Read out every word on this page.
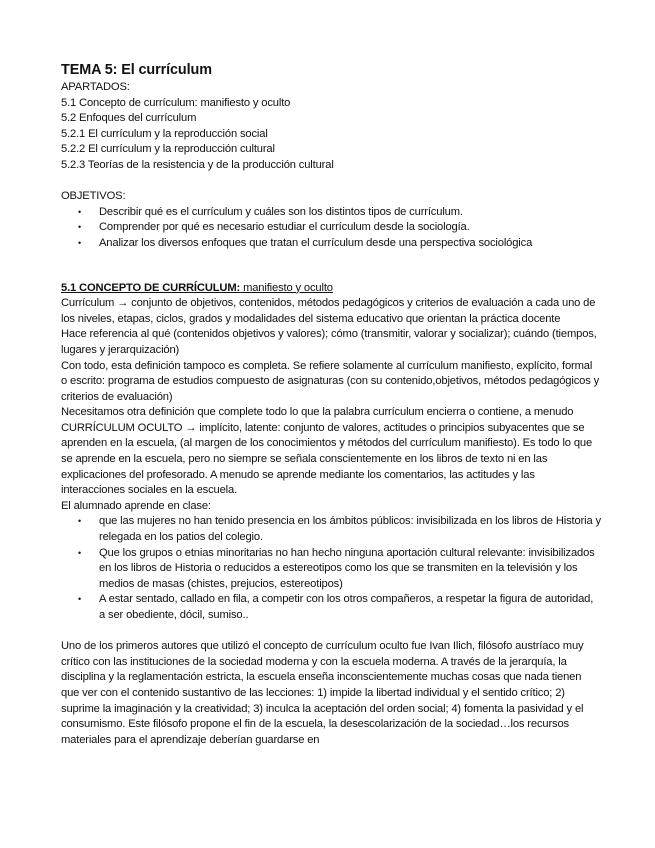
TEMA 5: El currículum

APARTADOS:

5.1 Concepto de currículum: manifiesto y oculto

5.2 Enfoques del currículum

5.2.1 El currículum y la reproducción social

5.2.2 El currículum y la reproducción cultural

5.2.3 Teorías de la resistencia y de la producción cultural

OBJETIVOS:

• Describir qué es el currículum y cuáles son los distintos tipos de currículum.
• Comprender por qué es necesario estudiar el currículum desde la sociología.
• Analizar los diversos enfoques que tratan el currículum desde una perspectiva sociológica

5.1 CONCEPTO DE CURRÍCULUM: manifiesto y oculto

Currículum → conjunto de objetivos, contenidos, métodos pedagógicos y criterios de evaluación a cada uno de los niveles, etapas, ciclos, grados y modalidades del sistema educativo que orientan la práctica docente

Hace referencia al qué (contenidos objetivos y valores); cómo (transmitir, valorar y socializar); cuándo (tiempos, lugares y jerarquización)

Con todo, esta definición tampoco es completa. Se refiere solamente al currículum manifiesto, explícito, formal o escrito: programa de estudios compuesto de asignaturas (con su contenido,objetivos, métodos pedagógicos y criterios de evaluación)

Necesitamos otra definición que complete todo lo que la palabra currículum encierra o contiene, a menudo

CURRÍCULUM OCULTO → implícito, latente: conjunto de valores, actitudes o principios subyacentes que se aprenden en la escuela, (al margen de los conocimientos y métodos del currículum manifiesto). Es todo lo que se aprende en la escuela, pero no siempre se señala conscientemente en los libros de texto ni en las explicaciones del profesorado. A menudo se aprende mediante los comentarios, las actitudes y las interacciones sociales en la escuela.

El alumnado aprende en clase:

• que las mujeres no han tenido presencia en los ámbitos públicos: invisibilizada en los libros de Historia y relegada en los patios del colegio.
• Que los grupos o etnias minoritarias no han hecho ninguna aportación cultural relevante: invisibilizados en los libros de Historia o reducidos a estereotipos como los que se transmiten en la televisión y los medios de masas (chistes, prejucios, estereotipos)
• A estar sentado, callado en fila, a competir con los otros compañeros, a respetar la figura de autoridad, a ser obediente, dócil, sumiso..

Uno de los primeros autores que utilizó el concepto de currículum oculto fue Ivan Ilich, filósofo austríaco muy crítico con las instituciones de la sociedad moderna y con la escuela moderna. A través de la jerarquía, la disciplina y la reglamentación estricta, la escuela enseña inconscientemente muchas cosas que nada tienen que ver con el contenido sustantivo de las lecciones: 1) impide la libertad individual y el sentido crítico; 2) suprime la imaginación y la creatividad; 3) inculca la aceptación del orden social; 4) fomenta la pasividad y el consumismo. Este filósofo propone el fin de la escuela, la desescolarización de la sociedad…los recursos materiales para el aprendizaje deberían guardarse en
